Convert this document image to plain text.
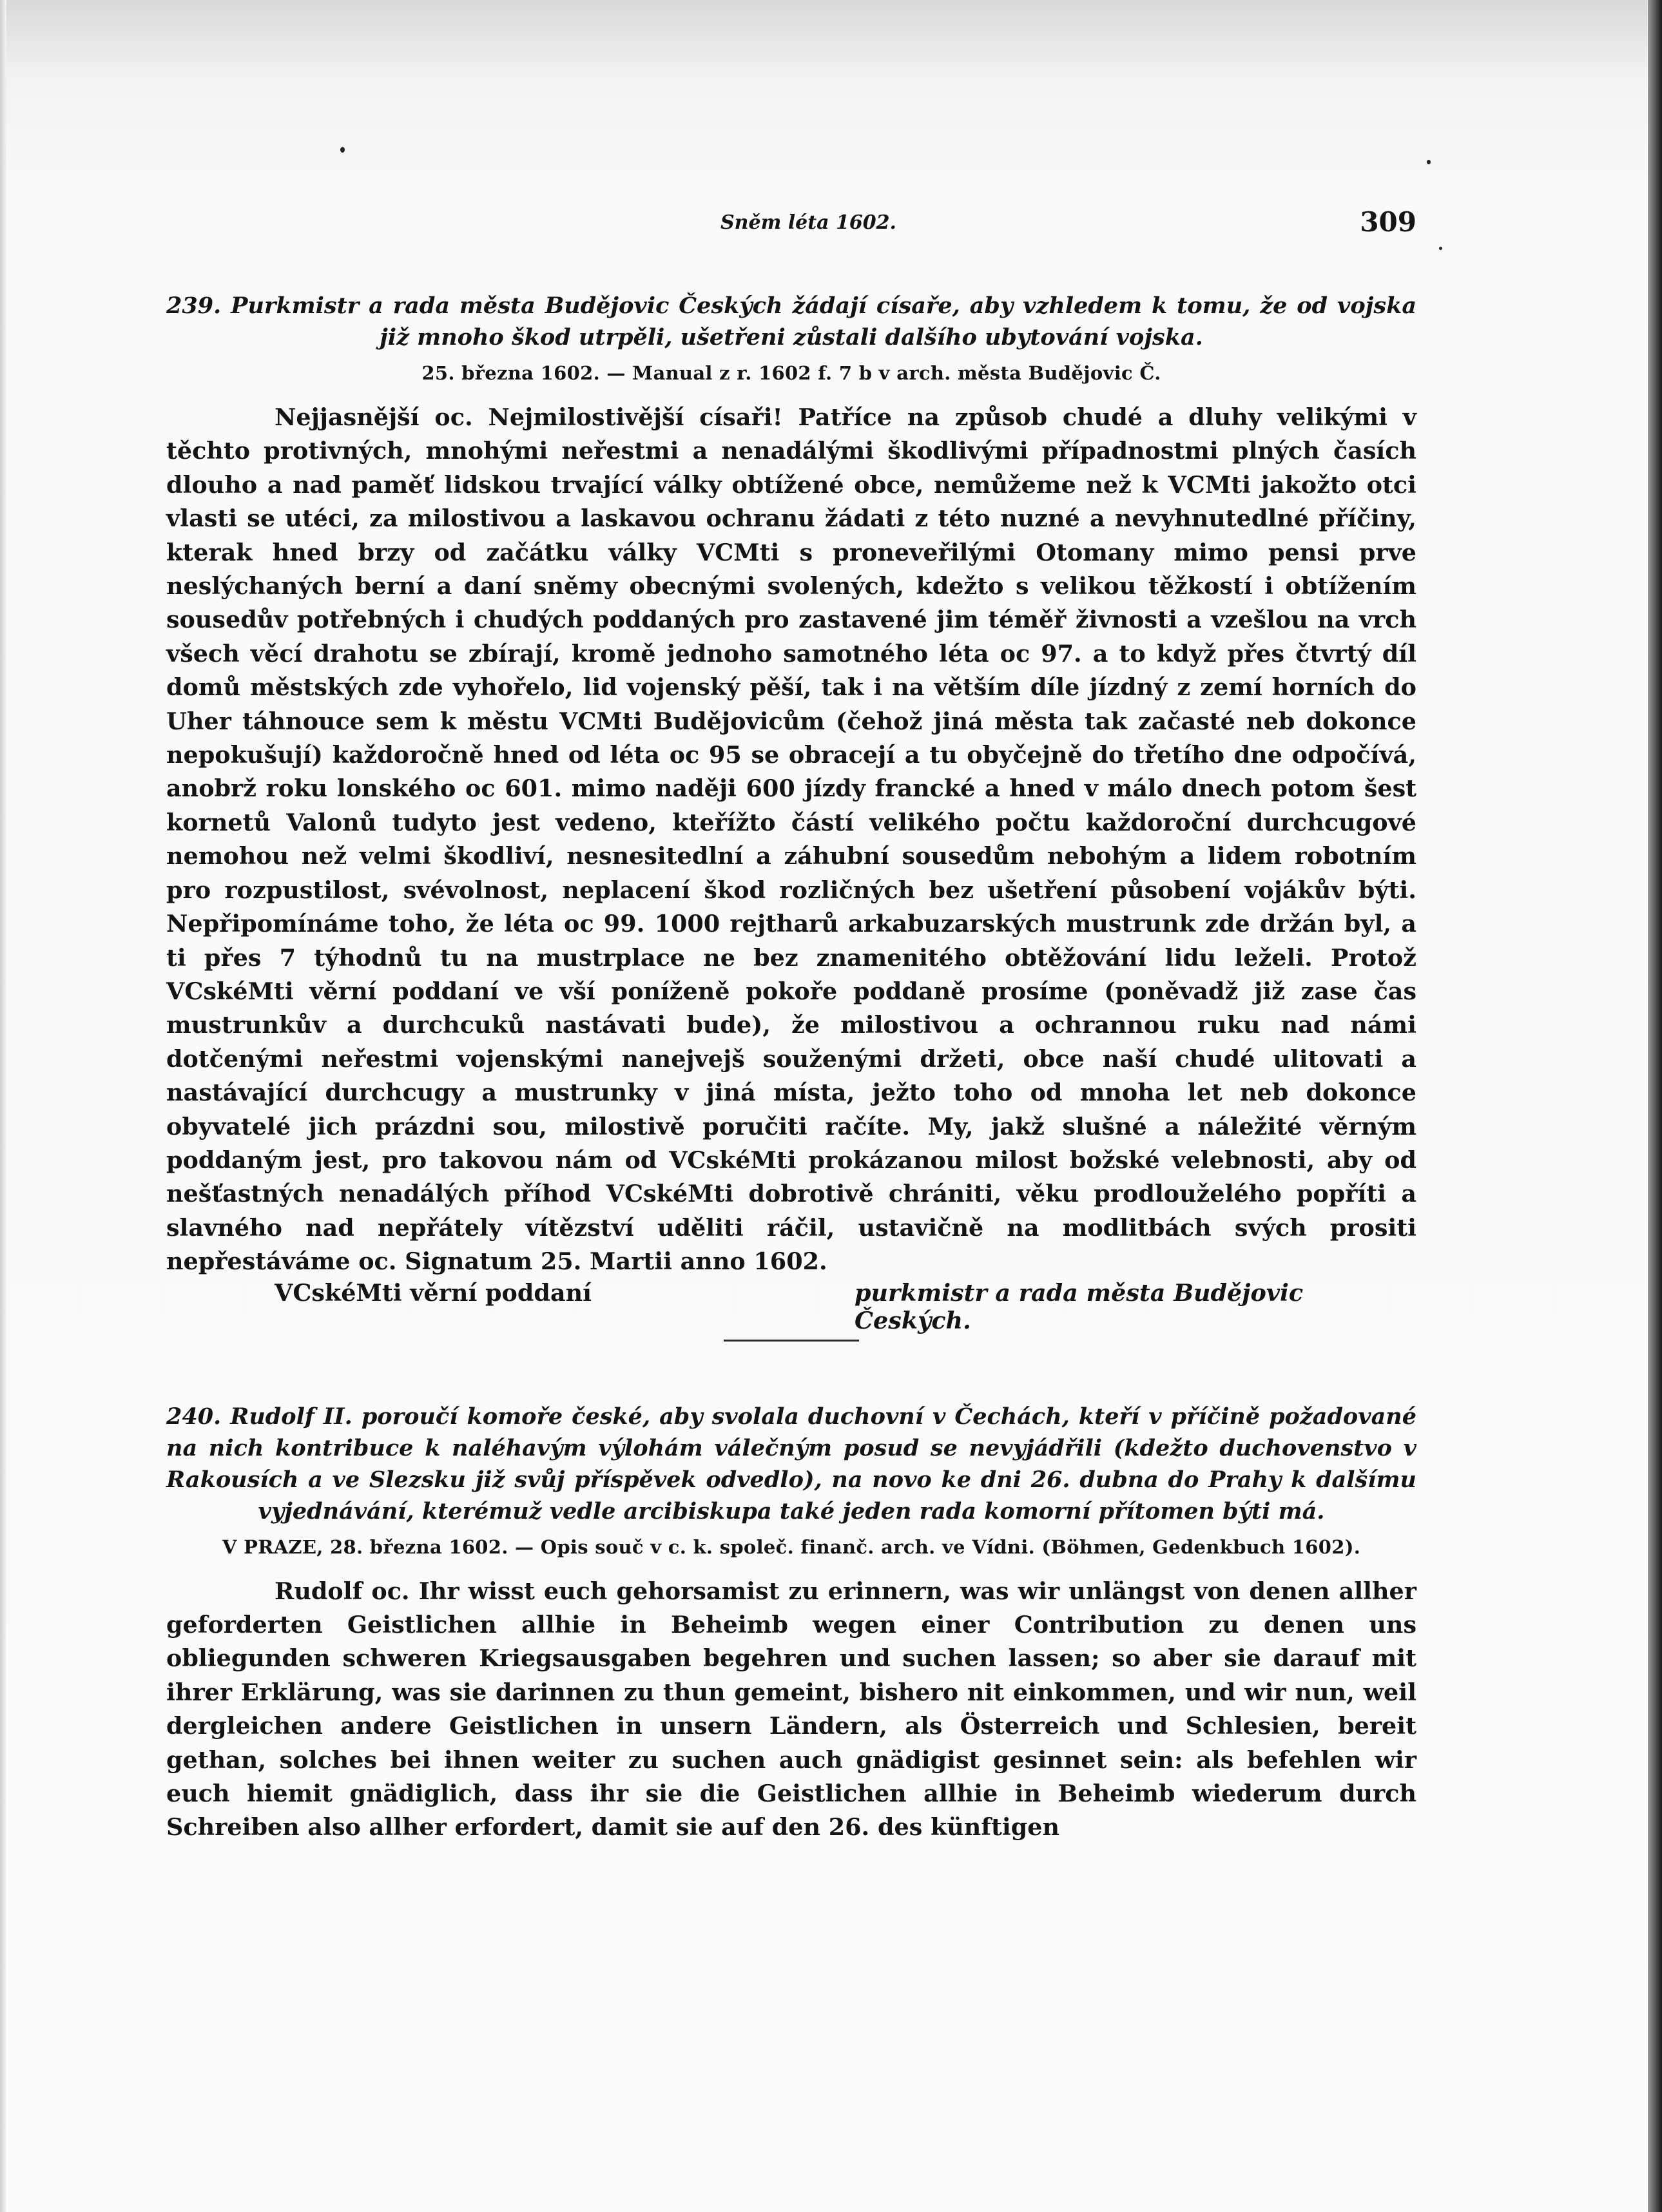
Sněm léta 1602.	309

239. Purkmistr a rada města Budějovic Českých žádají císaře, aby vzhledem k tomu, že od vojska již mnoho škod utrpěli, ušetřeni zůstali dalšího ubytování vojska.

25. března 1602. — Manual z r. 1602 f. 7 b v arch. města Budějovic Č.

Nejjasnější oc. Nejmilostivější císaři! Patříce na způsob chudé a dluhy velikými v těchto protivných, mnohými neřestmi a nenadálými škodlivými případnostmi plných časích dlouho a nad paměť lidskou trvající války obtížené obce, nemůžeme než k VCMti jakožto otci vlasti se utéci, za milostivou a laskavou ochranu žádati z této nuzné a nevyhnutedlné příčiny, kterak hned brzy od začátku války VCMti s proneveřilými Otomany mimo pensi prve neslýchaných berní a daní sněmy obecnými svolených, kdežto s velikou těžkostí i obtížením sousedův potřebných i chudých poddaných pro zastavené jim téměř živnosti a vzešlou na vrch všech věcí drahotu se zbírají, kromě jednoho samotného léta oc 97. a to když přes čtvrtý díl domů městských zde vyhořelo, lid vojenský pěší, tak i na větším díle jízdný z zemí horních do Uher táhnouce sem k městu VCMti Budějovicům (čehož jiná města tak začasté neb dokonce nepokušují) každoročně hned od léta oc 95 se obracejí a tu obyčejně do třetího dne odpočívá, anobrž roku lonského oc 601. mimo naději 600 jízdy francké a hned v málo dnech potom šest kornetů Valonů tudyto jest vedeno, kteřížto částí velikého počtu každoroční durchcugové nemohou než velmi škodliví, nesnesitedlní a záhubní sousedům nebohým a lidem robotním pro rozpustilost, svévolnost, neplacení škod rozličných bez ušetření působení vojákův býti. Nepřipomínáme toho, že léta oc 99. 1000 rejtharů arkabuzarských mustrunk zde držán byl, a ti přes 7 týhodnů tu na mustrplace ne bez znamenitého obtěžování lidu leželi. Protož VCskéMti věrní poddaní ve vší poníženě pokoře poddaně prosíme (poněvadž již zase čas mustrunkův a durchcuků nastávati bude), že milostivou a ochrannou ruku nad námi dotčenými neřestmi vojenskými nanejvejš souženými držeti, obce naší chudé ulitovati a nastávající durchcugy a mustrunky v jiná místa, ježto toho od mnoha let neb dokonce obyvatelé jich prázdni sou, milostivě poručiti račíte. My, jakž slušné a náležité věrným poddaným jest, pro takovou nám od VCskéMti prokázanou milost božské velebnosti, aby od nešťastných nenadálých příhod VCskéMti dobrotivě chrániti, věku prodlouželého popříti a slavného nad nepřátely vítězství uděliti ráčil, ustavičně na modlitbách svých prositi nepřestáváme oc. Signatum 25. Martii anno 1602.

VCskéMti věrní poddaní	purkmistr a rada města Budějovic Českých.

240. Rudolf II. poroučí komoře české, aby svolala duchovní v Čechách, kteří v příčině požadované na nich kontribuce k naléhavým výlohám válečným posud se nevyjádřili (kdežto duchovenstvo v Rakousích a ve Slezsku již svůj příspěvek odvedlo), na novo ke dni 26. dubna do Prahy k dalšímu vyjednávání, kterémuž vedle arcibiskupa také jeden rada komorní přítomen býti má.

V PRAZE, 28. března 1602. — Opis souč v c. k. společ. finanč. arch. ve Vídni. (Böhmen, Gedenkbuch 1602).

Rudolf oc. Ihr wisst euch gehorsamist zu erinnern, was wir unlängst von denen allher geforderten Geistlichen allhie in Beheimb wegen einer Contribution zu denen uns obliegunden schweren Kriegsausgaben begehren und suchen lassen; so aber sie darauf mit ihrer Erklärung, was sie darinnen zu thun gemeint, bishero nit einkommen, und wir nun, weil dergleichen andere Geistlichen in unsern Ländern, als Österreich und Schlesien, bereit gethan, solches bei ihnen weiter zu suchen auch gnädigist gesinnet sein: als befehlen wir euch hiemit gnädiglich, dass ihr sie die Geistlichen allhie in Beheimb wiederum durch Schreiben also allher erfordert, damit sie auf den 26. des künftigen
